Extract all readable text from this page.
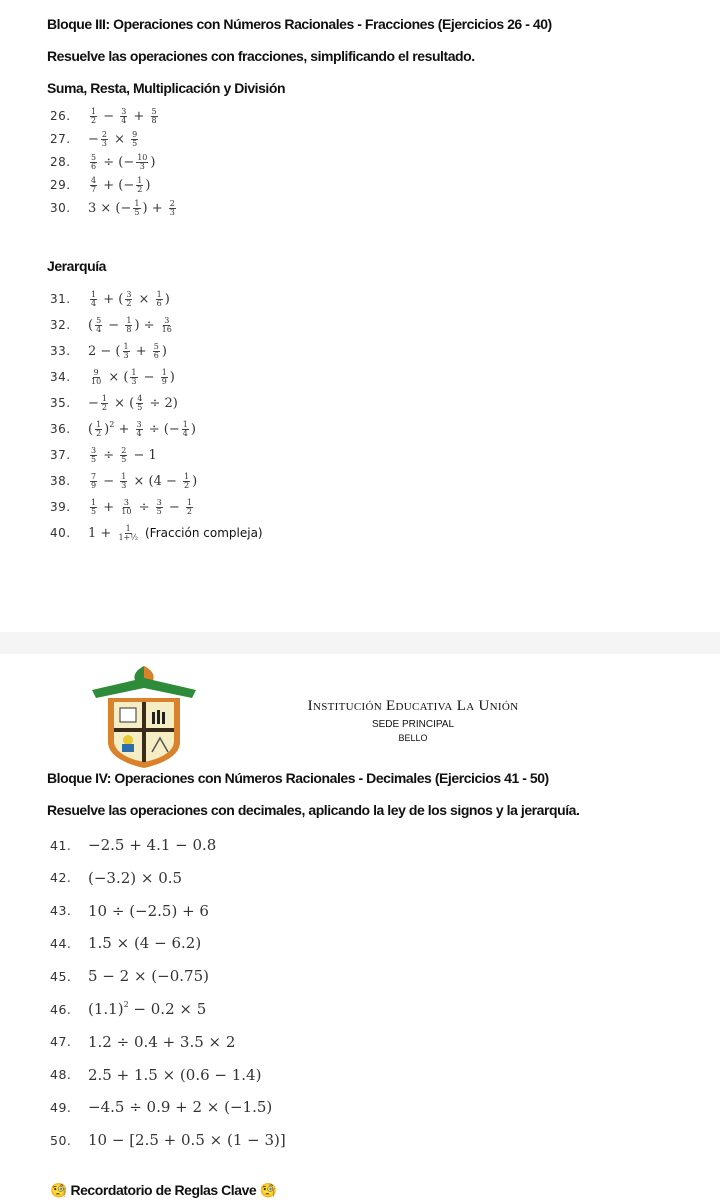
Bloque III: Operaciones con Números Racionales - Fracciones (Ejercicios 26 - 40)
Resuelve las operaciones con fracciones, simplificando el resultado.
Suma, Resta, Multiplicación y División
26.	$\frac{1}{2} - \frac{3}{4} + \frac{5}{8}$
27.	− $\frac{2}{3} \times \frac{9}{5}$
28.	$\frac{5}{6}$ ÷ (− $\frac{10}{3}$ )
29.	$\frac{4}{7}$ + (− $\frac{1}{2}$ )
30.	3 × (− $\frac{1}{5}$ ) + $\frac{2}{3}$
Jerarquía
31.	$\frac{1}{4}$ + ( $\frac{3}{2} \times \frac{1}{6}$ )
32.	( $\frac{5}{4} - \frac{1}{8}$ ) ÷ $\frac{3}{16}$
33.	2 − ( $\frac{1}{3} + \frac{5}{6}$ )
34.	$\frac{9}{10}$ × ( $\frac{1}{3} - \frac{1}{9}$ )
35.	− $\frac{1}{2}$ × ( $\frac{4}{5} \div 2$)
36.	( $\frac{1}{2}$ ) $2 + \frac{3}{4}$ ÷ (− $\frac{1}{4}$ )
37.	$\frac{3}{5} \div \frac{2}{5} - 1$
38.	$\frac{7}{9} - \frac{1}{3} \times (4 - \frac{1}{2}$ )
39.	$\frac{1}{5} + \frac{3}{10} \div \frac{3}{5} - \frac{1}{2}$
40.	$1 + \frac{1}{\text{1+½}}$ (Fracción compleja)
Institución Educativa La Unión
SEDE PRINCIPAL
BELLO
Bloque IV: Operaciones con Números Racionales - Decimales (Ejercicios 41 - 50)
Resuelve las operaciones con decimales, aplicando la ley de los signos y la jerarquía.
41.	−2.5 + 4.1 − 0.8
42.	(−3.2) × 0.5
43.	10 ÷ (−2.5) + 6
44.	1.5 × (4 − 6.2)
45.	5 − 2 × (−0.75)
46.	(1.1) 2 − 0.2 × 5
47.	1.2 ÷ 0.4 + 3.5 × 2
48.	2.5 + 1.5 × (0.6 − 1.4)
49.	−4.5 ÷ 0.9 + 2 × (−1.5)
50.	10 − [2.5 + 0.5 × (1 − 3)]
🧐 Recordatorio de Reglas Clave 🧐
